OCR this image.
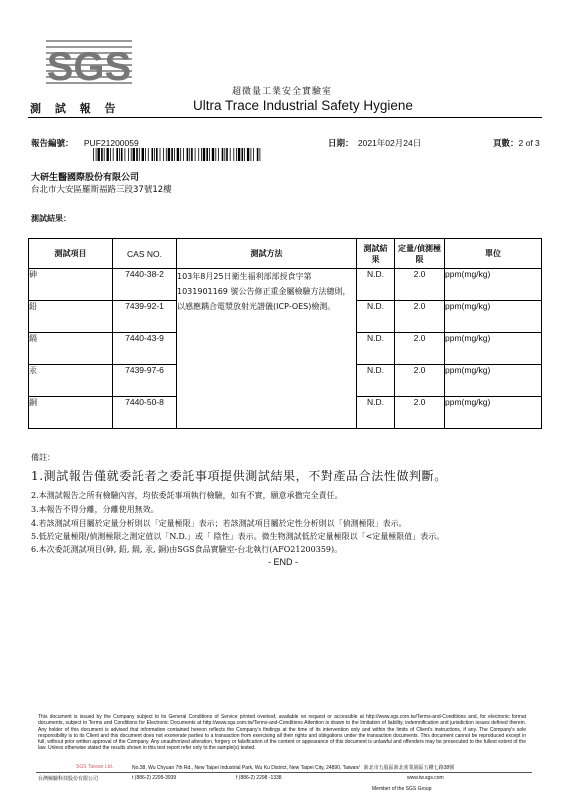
SGS
超微量工業安全實驗室
測 試 報 告	Ultra Trace Industrial Safety Hygiene
報告編號： PUF21200059	日期： 2021年02月24日	頁數：2 of 3
大研生醫國際股份有限公司
台北市大安區羅斯福路三段37號12樓
測試結果：
測試項目	CAS NO.	測試方法	測試結果	定量/偵測極限	單位
砷	7440-38-2	103年8月25日衛生福利部部授食字第1031901169 號公告修正重金屬檢驗方法總則，以感應耦合電漿放射光譜儀(ICP-OES)檢測。	N.D.	2.0	ppm(mg/kg)
鉛	7439-92-1		N.D.	2.0	ppm(mg/kg)
鎘	7440-43-9		N.D.	2.0	ppm(mg/kg)
汞	7439-97-6		N.D.	2.0	ppm(mg/kg)
銅	7440-50-8		N.D.	2.0	ppm(mg/kg)
備註：
1.測試報告僅就委託者之委託事項提供測試結果，不對產品合法性做判斷。
2.本測試報告之所有檢驗內容，均依委託事項執行檢驗，如有不實，願意承擔完全責任。
3.本報告不得分離，分離使用無效。
4.若該測試項目屬於定量分析則以「定量極限」表示；若該測試項目屬於定性分析則以「偵測極限」表示。
5.低於定量極限/偵測極限之測定值以「N.D.」或「 陰性」表示。微生物測試低於定量極限以「<定量極限值」表示。
6.本次委託測試項目(砷, 鉛, 鎘, 汞, 銅)由SGS食品實驗室-台北執行(AFO21200359)。
- END -
This document is issued by the Company subject to its General Conditions of Service printed overleaf, available on request or accessible at http://www.sgs.com.tw/Terms-and-Conditions and, for electronic format documents, subject to Terms and Conditions for Electronic Documents at http://www.sgs.com.tw/Terms-and-Conditions Attention is drawn to the limitation of liability, indemnification and jurisdiction issues defined therein. Any holder of this document is advised that information contained hereon reflects the Company's findings at the time of its intervention only and within the limits of Client's instructions, if any. The Company's sole responsibility is to its Client and this document does not exonerate parties to a transaction from exercising all their rights and obligations under the transaction documents. This document cannot be reproduced except in full, without prior written approval of the Company. Any unauthorized alteration, forgery or falsification of the content or appearance of this document is unlawful and offenders may be prosecuted to the fullest extent of the law. Unless otherwise stated the results shown in this test report refer only to the sample(s) tested.
SGS Taiwan Ltd.	No.38, Wu Chyuan 7th Rd., New Taipei Industrial Park, Wu Ku District, New Taipei City, 24890, Taiwan/ 新北市五股區新北產業園區五權七路38號
台灣檢驗科技股份有限公司	t (886-2) 2299-3939	f (886-2) 2298 -1338	www.tw.sgs.com
Member of the SGS Group
